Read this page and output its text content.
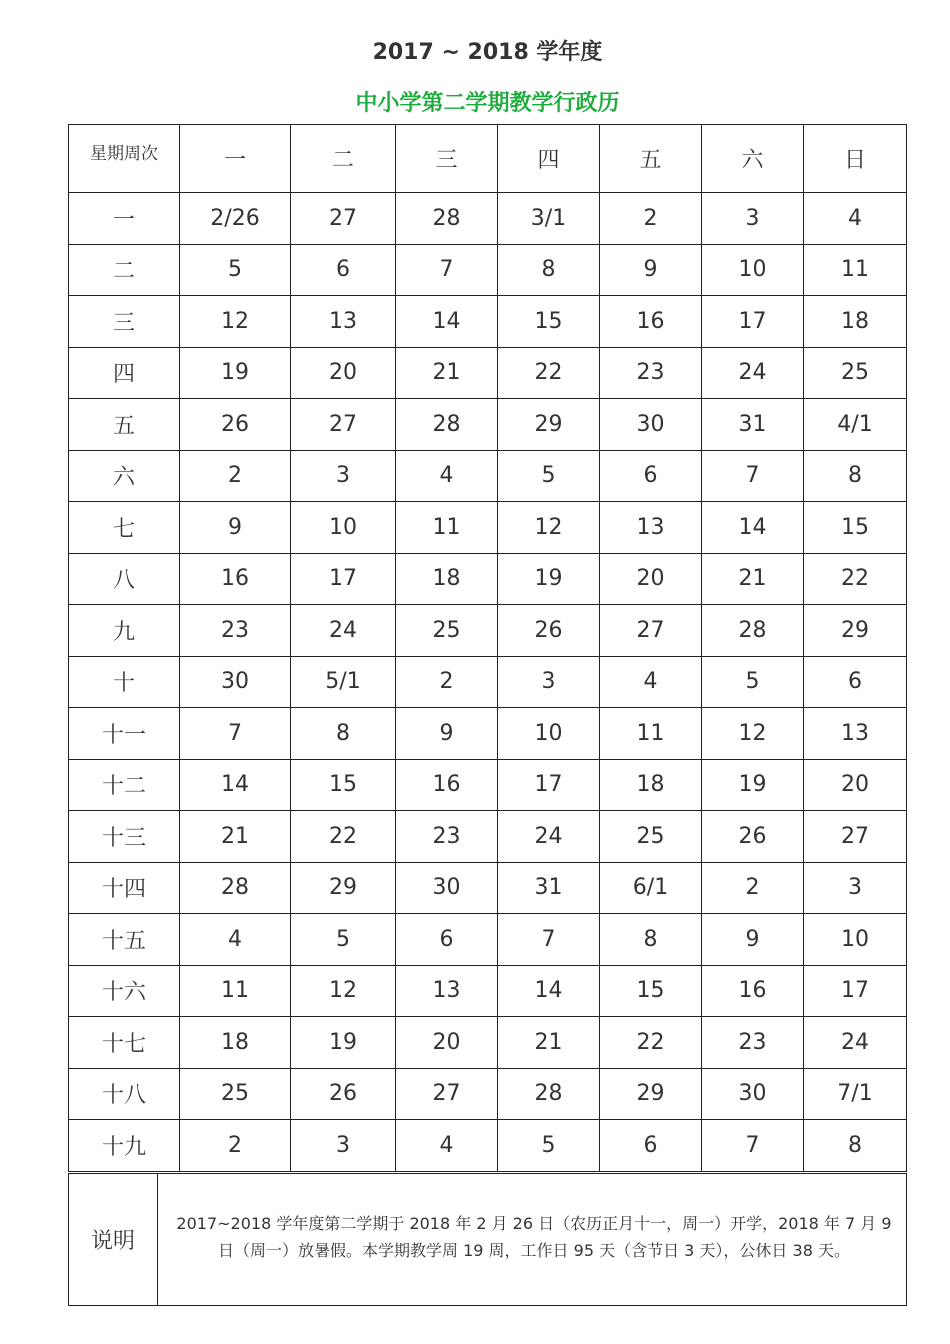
2017 ~ 2018 学年度
中小学第二学期教学行政历
星期周次	一	二	三	四	五	六	日
一	2/26	27	28	3/1	2	3	4
二	5	6	7	8	9	10	11
三	12	13	14	15	16	17	18
四	19	20	21	22	23	24	25
五	26	27	28	29	30	31	4/1
六	2	3	4	5	6	7	8
七	9	10	11	12	13	14	15
八	16	17	18	19	20	21	22
九	23	24	25	26	27	28	29
十	30	5/1	2	3	4	5	6
十一	7	8	9	10	11	12	13
十二	14	15	16	17	18	19	20
十三	21	22	23	24	25	26	27
十四	28	29	30	31	6/1	2	3
十五	4	5	6	7	8	9	10
十六	11	12	13	14	15	16	17
十七	18	19	20	21	22	23	24
十八	25	26	27	28	29	30	7/1
十九	2	3	4	5	6	7	8
说明	2017~2018 学年度第二学期于 2018 年 2 月 26 日（农历正月十一，周一）开学，2018 年 7 月 9 日（周一）放暑假。本学期教学周 19 周，工作日 95 天（含节日 3 天），公休日 38 天。
